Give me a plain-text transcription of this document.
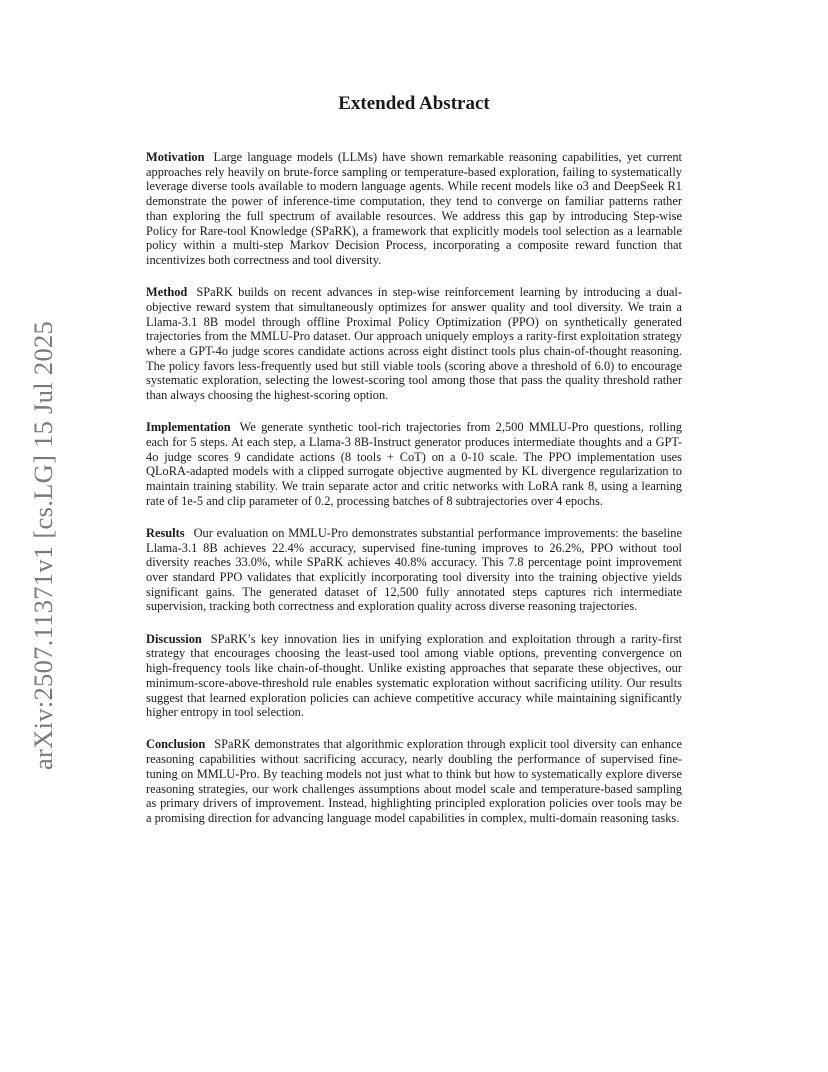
arXiv:2507.11371v1 [cs.LG] 15 Jul 2025
Extended Abstract

Motivation Large language models (LLMs) have shown remarkable reasoning capabilities, yet current approaches rely heavily on brute-force sampling or temperature-based exploration, failing to systematically leverage diverse tools available to modern language agents. While recent models like o3 and DeepSeek R1 demonstrate the power of inference-time computation, they tend to converge on familiar patterns rather than exploring the full spectrum of available resources. We address this gap by introducing Step-wise Policy for Rare-tool Knowledge (SPaRK), a framework that explicitly models tool selection as a learnable policy within a multi-step Markov Decision Process, incorporating a composite reward function that incentivizes both correctness and tool diversity.

Method SPaRK builds on recent advances in step-wise reinforcement learning by introducing a dual-objective reward system that simultaneously optimizes for answer quality and tool diversity. We train a Llama-3.1 8B model through offline Proximal Policy Optimization (PPO) on synthetically generated trajectories from the MMLU-Pro dataset. Our approach uniquely employs a rarity-first exploitation strategy where a GPT-4o judge scores candidate actions across eight distinct tools plus chain-of-thought reasoning. The policy favors less-frequently used but still viable tools (scoring above a threshold of 6.0) to encourage systematic exploration, selecting the lowest-scoring tool among those that pass the quality threshold rather than always choosing the highest-scoring option.

Implementation We generate synthetic tool-rich trajectories from 2,500 MMLU-Pro questions, rolling each for 5 steps. At each step, a Llama-3 8B-Instruct generator produces intermediate thoughts and a GPT-4o judge scores 9 candidate actions (8 tools + CoT) on a 0-10 scale. The PPO implementation uses QLoRA-adapted models with a clipped surrogate objective augmented by KL divergence regularization to maintain training stability. We train separate actor and critic networks with LoRA rank 8, using a learning rate of 1e-5 and clip parameter of 0.2, processing batches of 8 subtrajectories over 4 epochs.

Results Our evaluation on MMLU-Pro demonstrates substantial performance improvements: the baseline Llama-3.1 8B achieves 22.4% accuracy, supervised fine-tuning improves to 26.2%, PPO without tool diversity reaches 33.0%, while SPaRK achieves 40.8% accuracy. This 7.8 percentage point improvement over standard PPO validates that explicitly incorporating tool diversity into the training objective yields significant gains. The generated dataset of 12,500 fully annotated steps captures rich intermediate supervision, tracking both correctness and exploration quality across diverse reasoning trajectories.

Discussion SPaRK’s key innovation lies in unifying exploration and exploitation through a rarity-first strategy that encourages choosing the least-used tool among viable options, preventing convergence on high-frequency tools like chain-of-thought. Unlike existing approaches that separate these objectives, our minimum-score-above-threshold rule enables systematic exploration without sacrificing utility. Our results suggest that learned exploration policies can achieve competitive accuracy while maintaining significantly higher entropy in tool selection.

Conclusion SPaRK demonstrates that algorithmic exploration through explicit tool diversity can enhance reasoning capabilities without sacrificing accuracy, nearly doubling the performance of supervised fine-tuning on MMLU-Pro. By teaching models not just what to think but how to systematically explore diverse reasoning strategies, our work challenges assumptions about model scale and temperature-based sampling as primary drivers of improvement. Instead, highlighting principled exploration policies over tools may be a promising direction for advancing language model capabilities in complex, multi-domain reasoning tasks.
